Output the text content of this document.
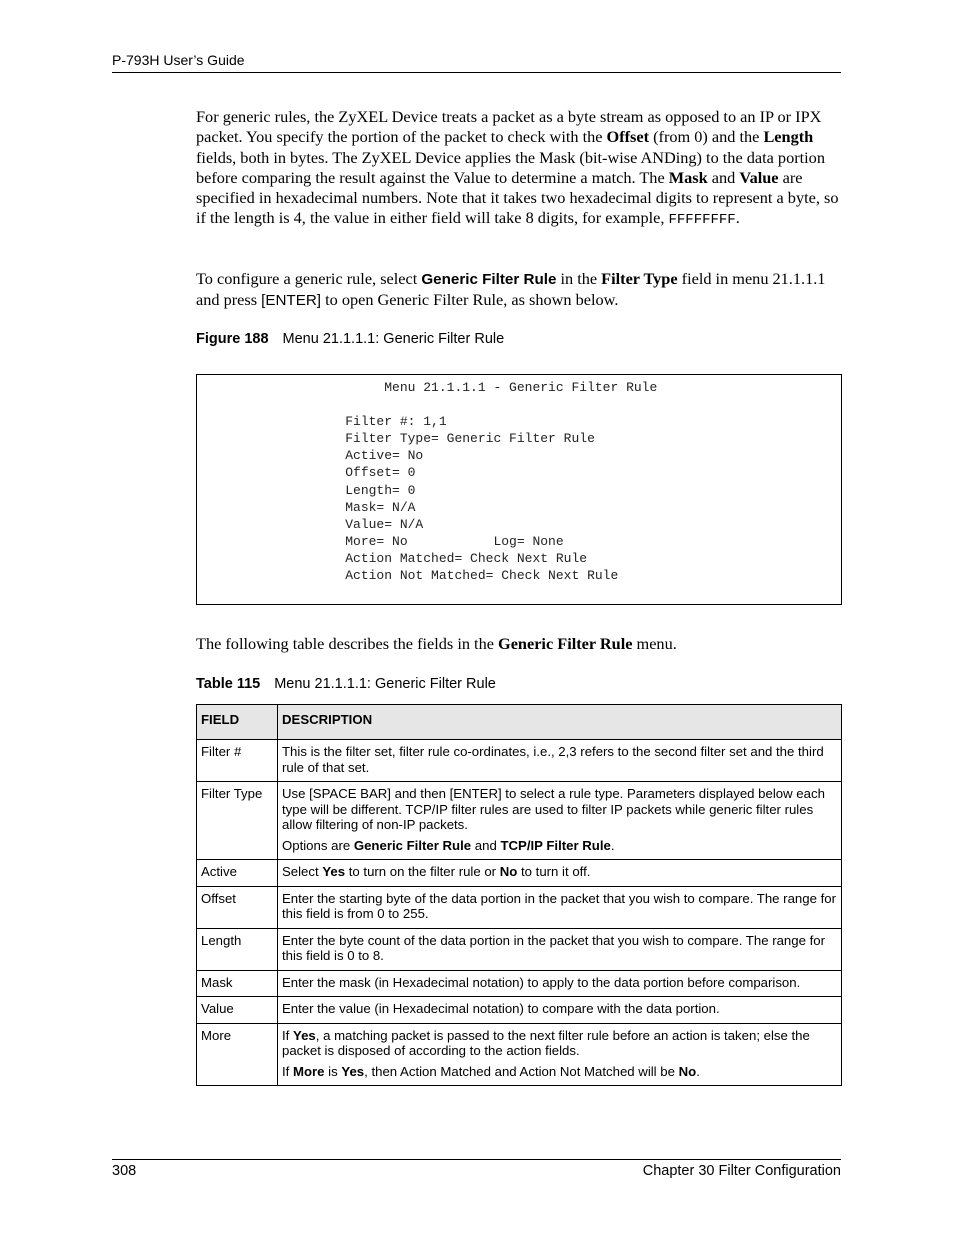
P-793H User’s Guide

For generic rules, the ZyXEL Device treats a packet as a byte stream as opposed to an IP or IPX packet. You specify the portion of the packet to check with the Offset (from 0) and the Length fields, both in bytes. The ZyXEL Device applies the Mask (bit-wise ANDing) to the data portion before comparing the result against the Value to determine a match. The Mask and Value are specified in hexadecimal numbers. Note that it takes two hexadecimal digits to represent a byte, so if the length is 4, the value in either field will take 8 digits, for example, FFFFFFFF.

To configure a generic rule, select Generic Filter Rule in the Filter Type field in menu 21.1.1.1 and press [ENTER] to open Generic Filter Rule, as shown below.

Figure 188 Menu 21.1.1.1: Generic Filter Rule
Menu 21.1.1.1 - Generic Filter Rule

Filter #: 1,1
Filter Type= Generic Filter Rule
Active= No
Offset= 0
Length= 0
Mask= N/A
Value= N/A
More= No           Log= None
Action Matched= Check Next Rule
Action Not Matched= Check Next Rule

The following table describes the fields in the Generic Filter Rule menu.

Table 115 Menu 21.1.1.1: Generic Filter Rule
FIELD	DESCRIPTION
Filter #	This is the filter set, filter rule co-ordinates, i.e., 2,3 refers to the second filter set and the third rule of that set.

Filter Type	Use [SPACE BAR] and then [ENTER] to select a rule type. Parameters displayed below each type will be different. TCP/IP filter rules are used to filter IP packets while generic filter rules allow filtering of non-IP packets.

Options are Generic Filter Rule and TCP/IP Filter Rule.

Active	Select Yes to turn on the filter rule or No to turn it off.

Offset	Enter the starting byte of the data portion in the packet that you wish to compare. The range for this field is from 0 to 255.

Length	Enter the byte count of the data portion in the packet that you wish to compare. The range for this field is 0 to 8.

Mask	Enter the mask (in Hexadecimal notation) to apply to the data portion before comparison.

Value	Enter the value (in Hexadecimal notation) to compare with the data portion.

More	If Yes, a matching packet is passed to the next filter rule before an action is taken; else the packet is disposed of according to the action fields.

If More is Yes, then Action Matched and Action Not Matched will be No.

308	Chapter 30 Filter Configuration
